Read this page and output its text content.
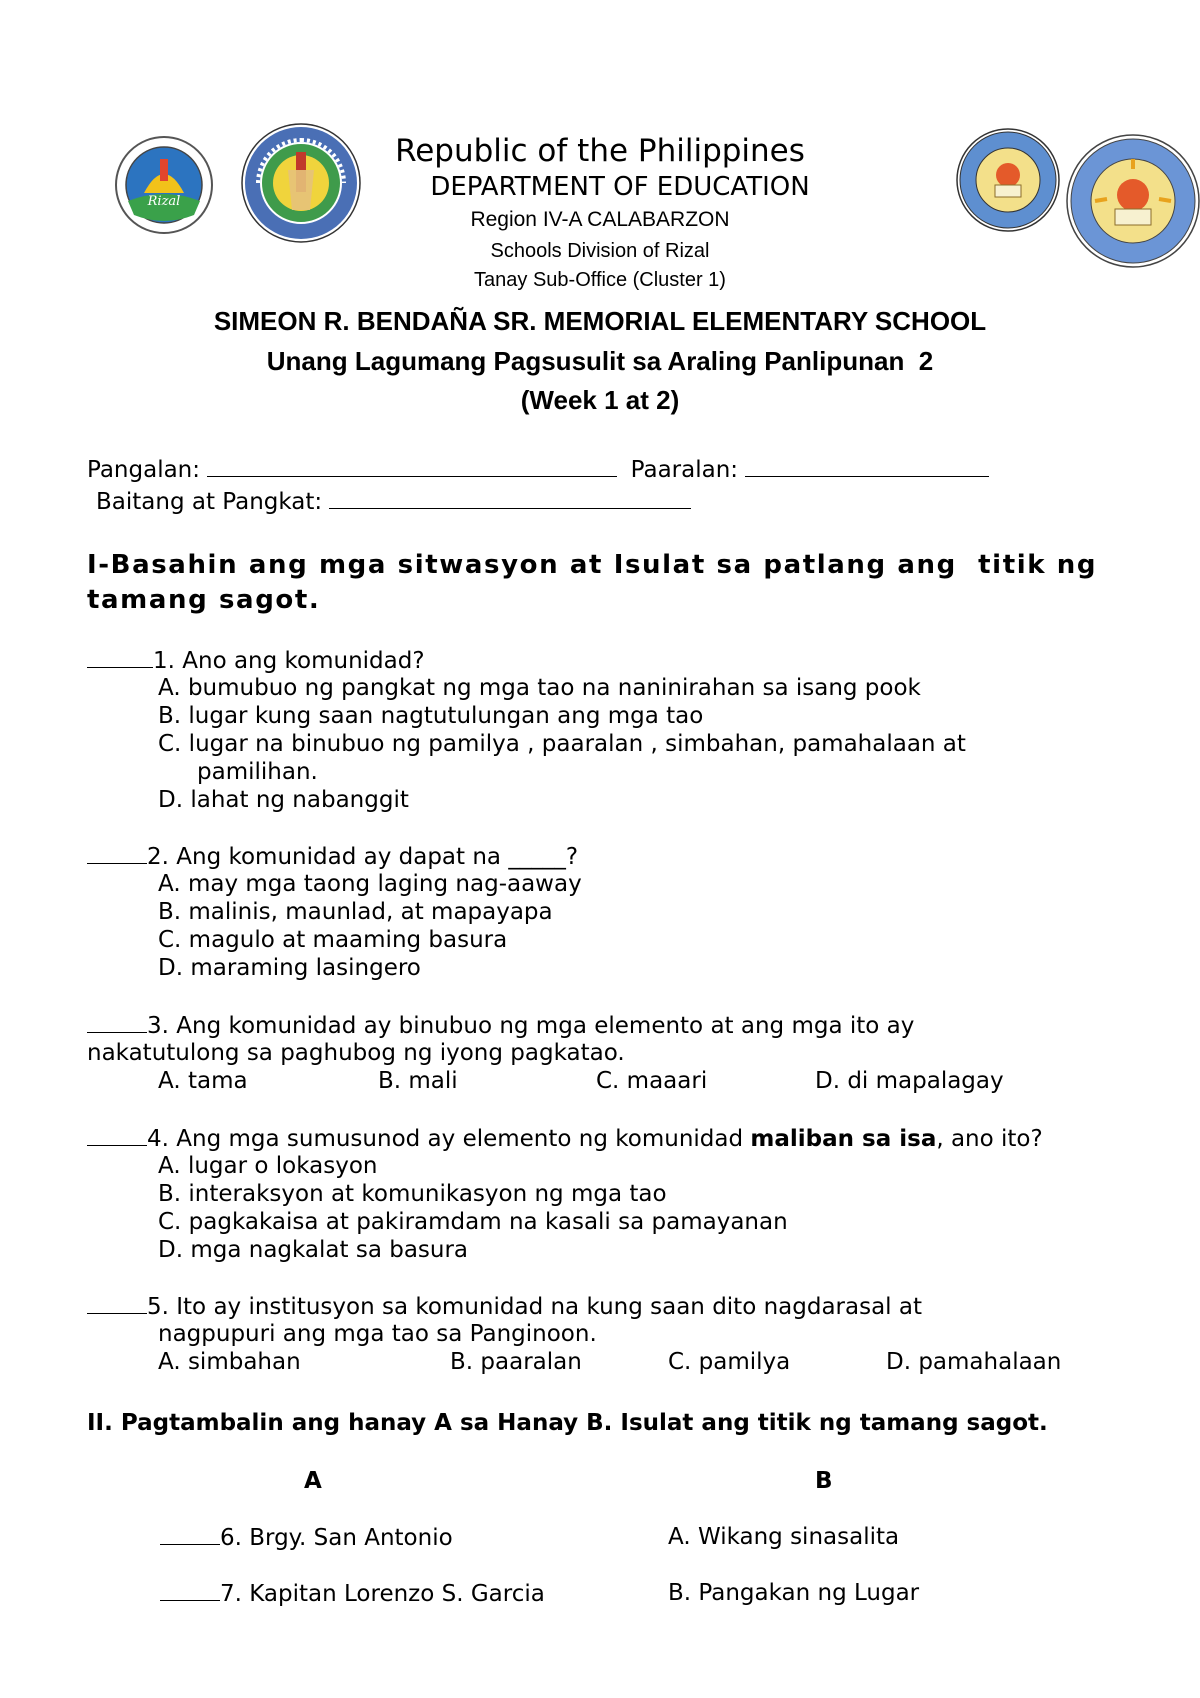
Rizal
Republic of the Philippines
DEPARTMENT OF EDUCATION
Region IV-A CALABARZON
Schools Division of Rizal
Tanay Sub-Office (Cluster 1)
SIMEON R. BENDAÑA SR. MEMORIAL ELEMENTARY SCHOOL
Unang Lagumang Pagsusulit sa Araling Panlipunan  2
(Week 1 at 2)
Pangalan:	Paaralan:
Baitang at Pangkat:
I-Basahin ang mga sitwasyon at Isulat sa patlang ang  titik ng
tamang sagot.
1. Ano ang komunidad?
A. bumubuo ng pangkat ng mga tao na naninirahan sa isang pook
B. lugar kung saan nagtutulungan ang mga tao
C. lugar na binubuo ng pamilya , paaralan , simbahan, pamahalaan at
pamilihan.
D. lahat ng nabanggit
2. Ang komunidad ay dapat na _____?
A. may mga taong laging nag-aaway
B. malinis, maunlad, at mapayapa
C. magulo at maaming basura
D. maraming lasingero
3. Ang komunidad ay binubuo ng mga elemento at ang mga ito ay
nakatutulong sa paghubog ng iyong pagkatao.
A. tama	B. mali	C. maaari	D. di mapalagay
4. Ang mga sumusunod ay elemento ng komunidad maliban sa isa, ano ito?
A. lugar o lokasyon
B. interaksyon at komunikasyon ng mga tao
C. pagkakaisa at pakiramdam na kasali sa pamayanan
D. mga nagkalat sa basura
5. Ito ay institusyon sa komunidad na kung saan dito nagdarasal at
nagpupuri ang mga tao sa Panginoon.
A. simbahan	B. paaralan	C. pamilya	D. pamahalaan
II. Pagtambalin ang hanay A sa Hanay B. Isulat ang titik ng tamang sagot.
A	B
6. Brgy. San Antonio	A. Wikang sinasalita
7. Kapitan Lorenzo S. Garcia	B. Pangakan ng Lugar
